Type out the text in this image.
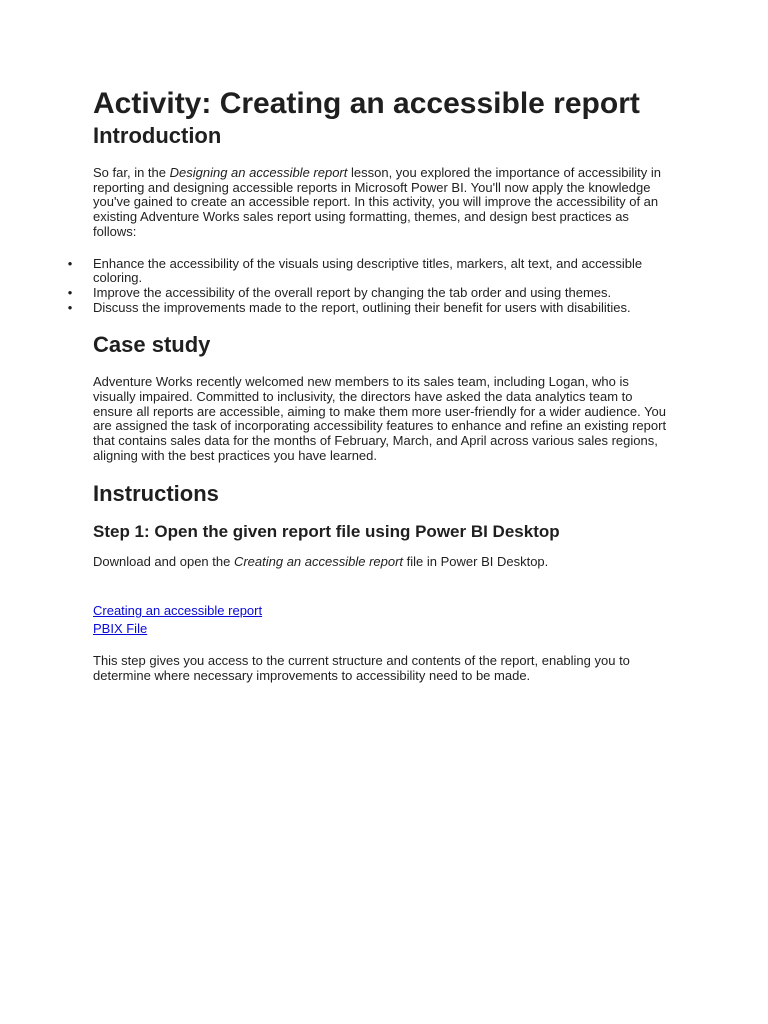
Activity: Creating an accessible report
Introduction

So far, in the Designing an accessible report lesson, you explored the importance of accessibility in reporting and designing accessible reports in Microsoft Power BI. You'll now apply the knowledge you've gained to create an accessible report. In this activity, you will improve the accessibility of an existing Adventure Works sales report using formatting, themes, and design best practices as follows:

• Enhance the accessibility of the visuals using descriptive titles, markers, alt text, and accessible coloring.
• Improve the accessibility of the overall report by changing the tab order and using themes.
• Discuss the improvements made to the report, outlining their benefit for users with disabilities.
Case study

Adventure Works recently welcomed new members to its sales team, including Logan, who is visually impaired. Committed to inclusivity, the directors have asked the data analytics team to ensure all reports are accessible, aiming to make them more user-friendly for a wider audience. You are assigned the task of incorporating accessibility features to enhance and refine an existing report that contains sales data for the months of February, March, and April across various sales regions, aligning with the best practices you have learned.

Instructions
Step 1: Open the given report file using Power BI Desktop

Download and open the Creating an accessible report file in Power BI Desktop.

Creating an accessible report
PBIX File

This step gives you access to the current structure and contents of the report, enabling you to determine where necessary improvements to accessibility need to be made.
